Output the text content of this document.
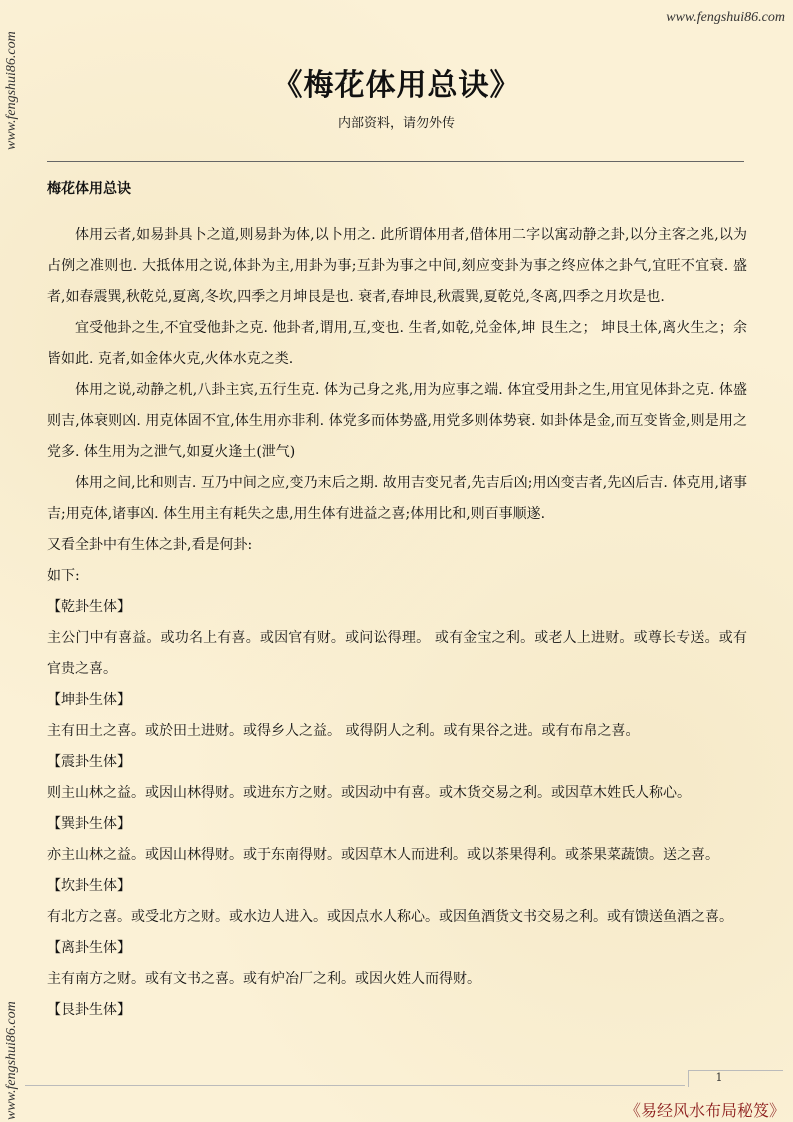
www.fengshui86.com
www.fengshui86.com
www.fengshui86.com
《梅花体用总诀》
内部资料，请勿外传

梅花体用总诀

体用云者,如易卦具卜之道,则易卦为体,以卜用之. 此所谓体用者,借体用二字以寓动静之卦,以分主客之兆,以为占例之准则也. 大抵体用之说,体卦为主,用卦为事;互卦为事之中间,刻应变卦为事之终应体之卦气,宜旺不宜衰. 盛者,如春震巽,秋乾兑,夏离,冬坎,四季之月坤艮是也. 衰者,春坤艮,秋震巽,夏乾兑,冬离,四季之月坎是也.

宜受他卦之生,不宜受他卦之克. 他卦者,谓用,互,变也. 生者,如乾,兑金体,坤 艮生之； 坤艮土体,离火生之；余皆如此. 克者,如金体火克,火体水克之类.

体用之说,动静之机,八卦主宾,五行生克. 体为己身之兆,用为应事之端. 体宜受用卦之生,用宜见体卦之克. 体盛则吉,体衰则凶. 用克体固不宜,体生用亦非利. 体党多而体势盛,用党多则体势衰. 如卦体是金,而互变皆金,则是用之党多. 体生用为之泄气,如夏火逢土(泄气)

体用之间,比和则吉. 互乃中间之应,变乃末后之期. 故用吉变兄者,先吉后凶;用凶变吉者,先凶后吉. 体克用,诸事吉;用克体,诸事凶. 体生用主有耗失之患,用生体有进益之喜;体用比和,则百事顺遂.

又看全卦中有生体之卦,看是何卦:

如下:

【乾卦生体】

主公门中有喜益。或功名上有喜。或因官有财。或问讼得理。 或有金宝之利。或老人上进财。或尊长专送。或有官贵之喜。

【坤卦生体】

主有田土之喜。或於田土进财。或得乡人之益。 或得阴人之利。或有果谷之进。或有布帛之喜。

【震卦生体】

则主山林之益。或因山林得财。或进东方之财。或因动中有喜。或木货交易之利。或因草木姓氏人称心。

【巽卦生体】

亦主山林之益。或因山林得财。或于东南得财。或因草木人而进利。或以茶果得利。或茶果菜蔬馈。送之喜。

【坎卦生体】

有北方之喜。或受北方之财。或水边人进入。或因点水人称心。或因鱼酒货文书交易之利。或有馈送鱼酒之喜。

【离卦生体】

主有南方之财。或有文书之喜。或有炉冶厂之利。或因火姓人而得财。

【艮卦生体】

1
《易经风水布局秘笈》
